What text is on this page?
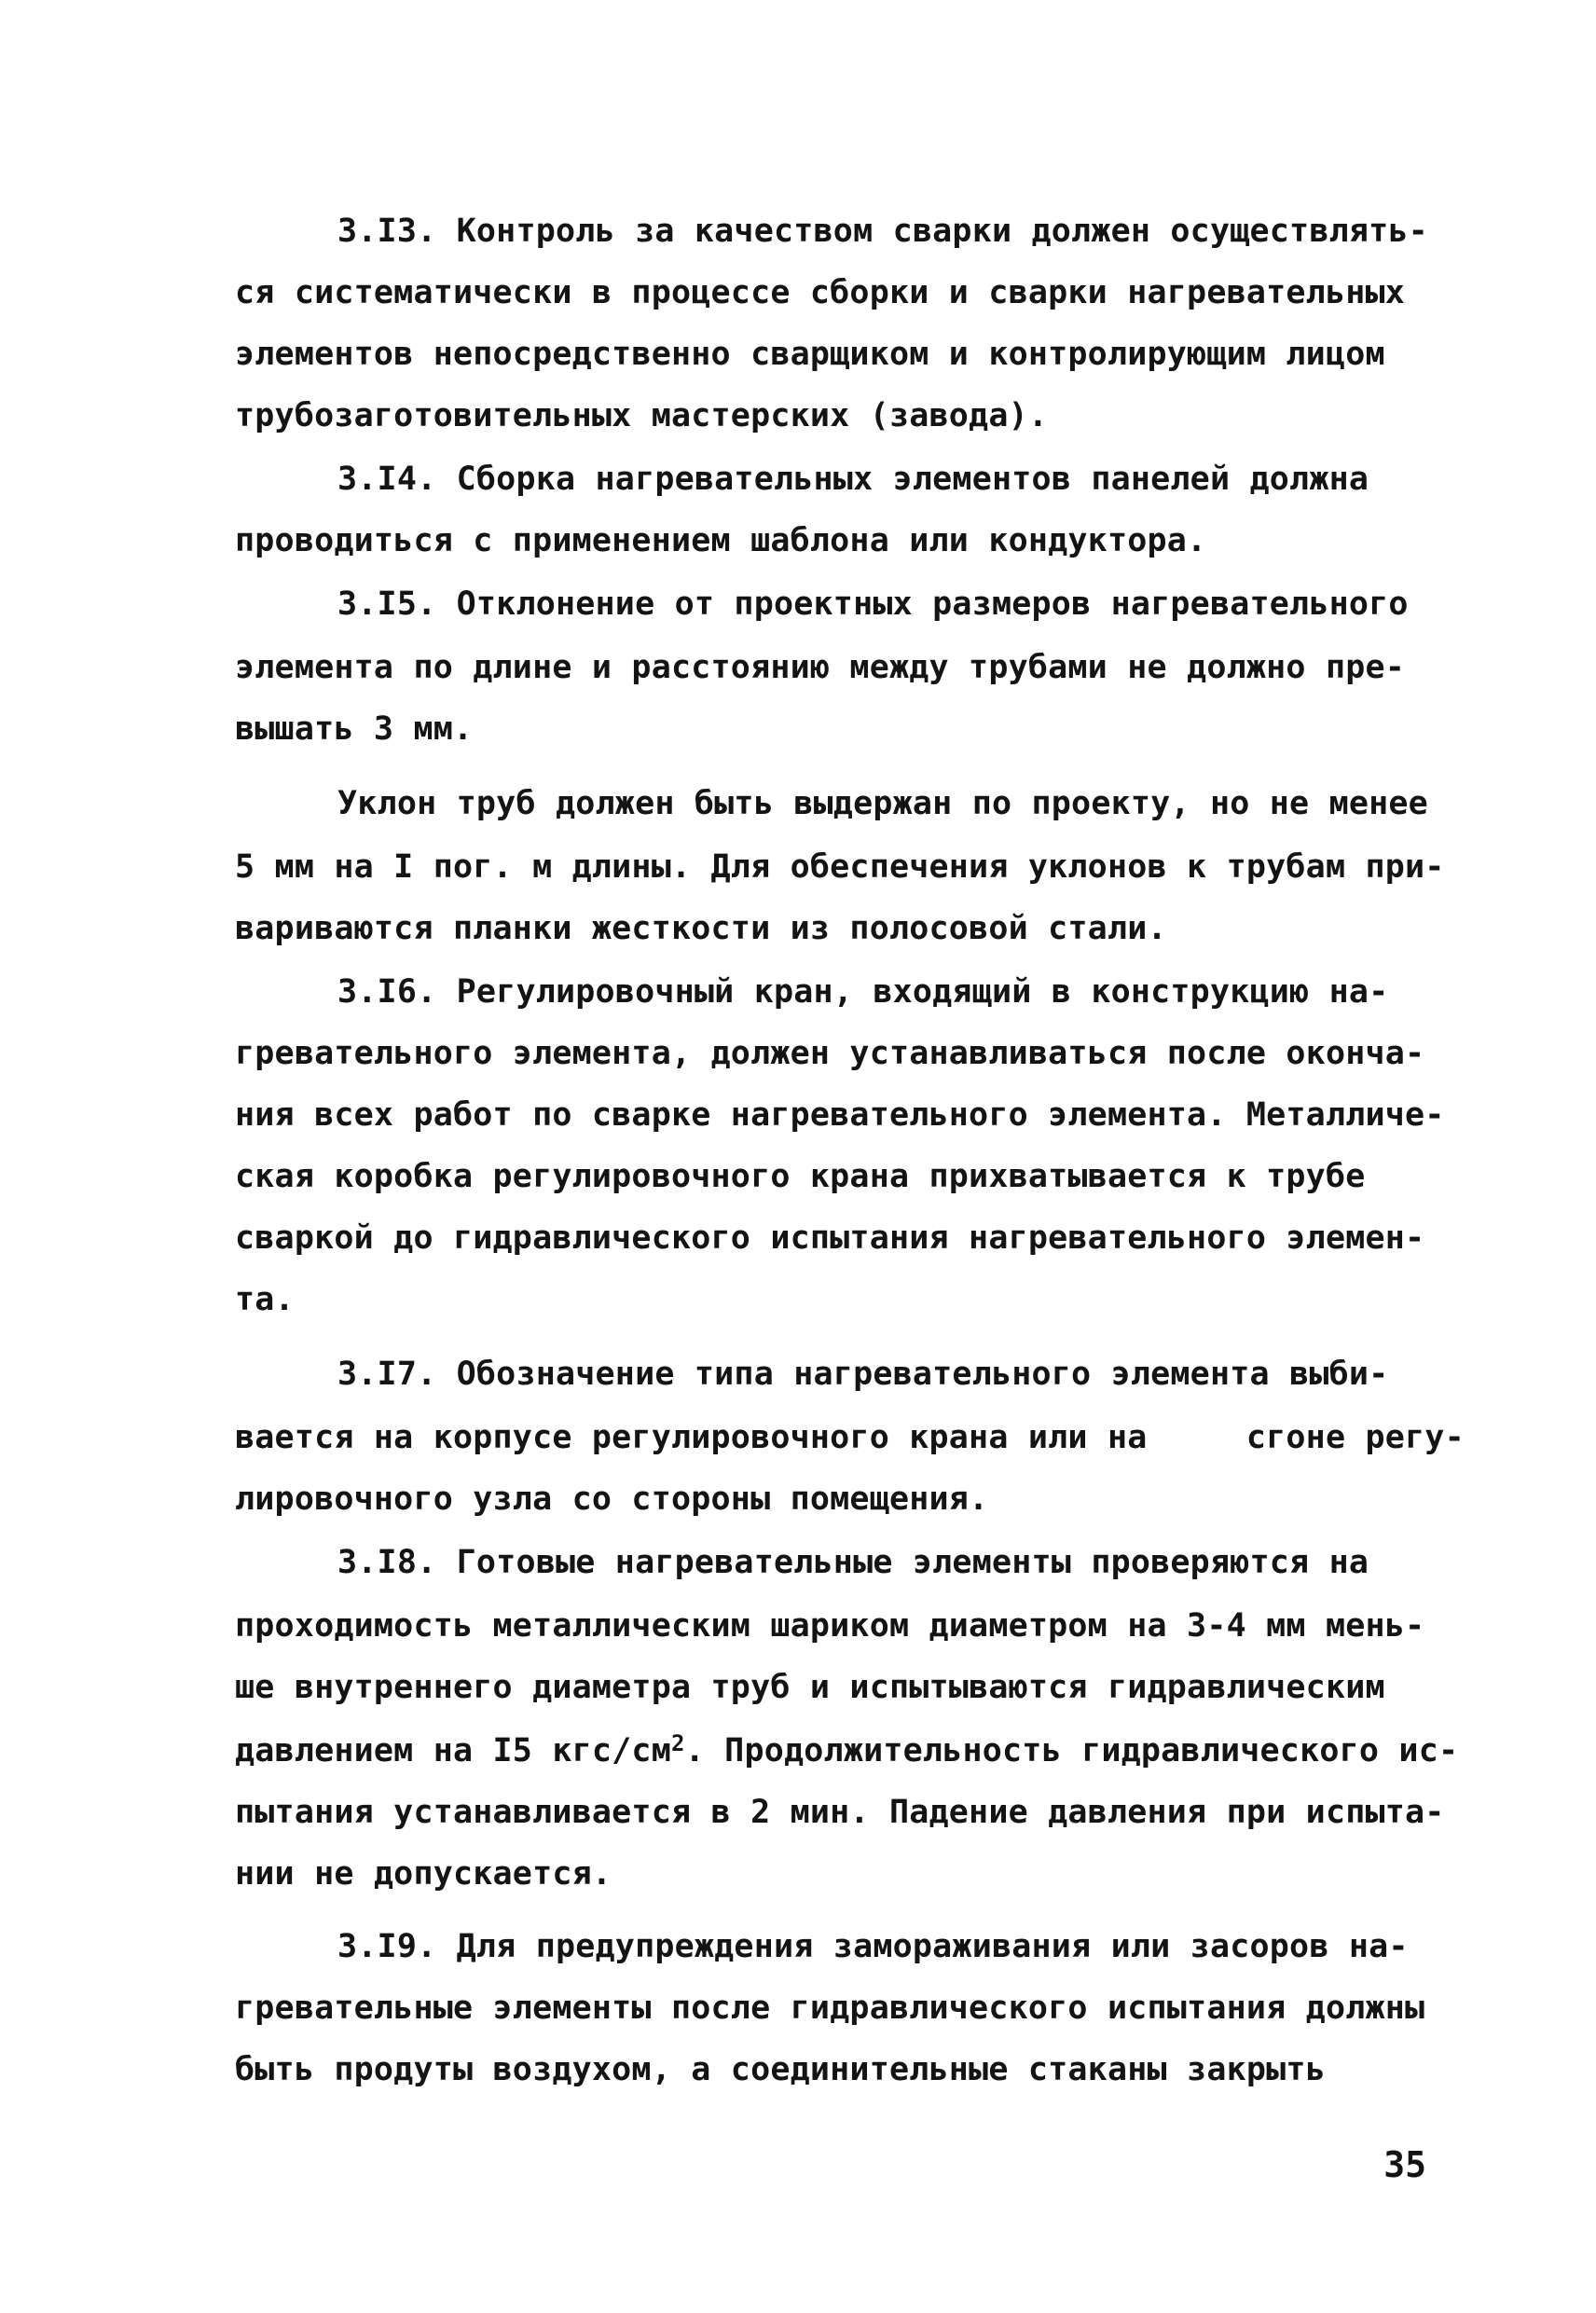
3.I3. Контроль за качеством сварки должен осуществлять-
ся систематически в процессе сборки и сварки нагревательных
элементов непосредственно сварщиком и контролирующим лицом
трубозаготовительных мастерских (завода).
3.I4. Сборка нагревательных элементов панелей должна
проводиться с применением шаблона или кондуктора.
3.I5. Отклонение от проектных размеров нагревательного
элемента по длине и расстоянию между трубами не должно пре-
вышать 3 мм.
Уклон труб должен быть выдержан по проекту, но не менее
5 мм на I пог. м длины. Для обеспечения уклонов к трубам при-
вариваются планки жесткости из полосовой стали.
3.I6. Регулировочный кран, входящий в конструкцию на-
гревательного элемента, должен устанавливаться после оконча-
ния всех работ по сварке нагревательного элемента. Металличе-
ская коробка регулировочного крана прихватывается к трубе
сваркой до гидравлического испытания нагревательного элемен-
та.
3.I7. Обозначение типа нагревательного элемента выби-
вается на корпусе регулировочного крана или на     сгоне регу-
лировочного узла со стороны помещения.
3.I8. Готовые нагревательные элементы проверяются на
проходимость металлическим шариком диаметром на 3-4 мм мень-
ше внутреннего диаметра труб и испытываются гидравлическим
давлением на I5 кгс/$см^2$. Продолжительность гидравлического ис-
пытания устанавливается в 2 мин. Падение давления при испыта-
нии не допускается.
3.I9. Для предупреждения замораживания или засоров на-
гревательные элементы после гидравлического испытания должны
быть продуты воздухом, а соединительные стаканы закрыть
35
